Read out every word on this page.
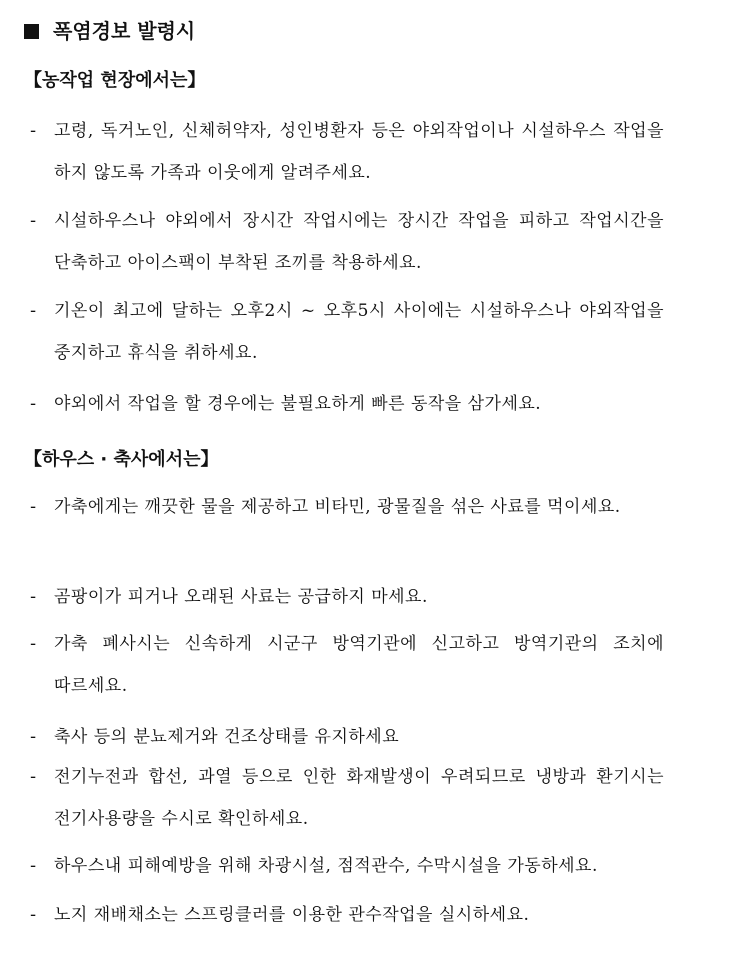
폭염경보 발령시
【농작업 현장에서는】
-	고령, 독거노인, 신체허약자, 성인병환자 등은 야외작업이나 시설하우스 작업을 하지 않도록 가족과 이웃에게 알려주세요.
-	시설하우스나 야외에서 장시간 작업시에는 장시간 작업을 피하고 작업시간을 단축하고 아이스팩이 부착된 조끼를 착용하세요.
-	기온이 최고에 달하는 오후2시 ~ 오후5시 사이에는 시설하우스나 야외작업을 중지하고 휴식을 취하세요.
-	야외에서 작업을 할 경우에는 불필요하게 빠른 동작을 삼가세요.
【하우스 · 축사에서는】
-	가축에게는 깨끗한 물을 제공하고 비타민, 광물질을 섞은 사료를 먹이세요.
-	곰팡이가 피거나 오래된 사료는 공급하지 마세요.
-	가축 폐사시는 신속하게 시군구 방역기관에 신고하고 방역기관의 조치에 따르세요.
-	축사 등의 분뇨제거와 건조상태를 유지하세요
-	전기누전과 합선, 과열 등으로 인한 화재발생이 우려되므로 냉방과 환기시는 전기사용량을 수시로 확인하세요.
-	하우스내 피해예방을 위해 차광시설, 점적관수, 수막시설을 가동하세요.
-	노지 재배채소는 스프링클러를 이용한 관수작업을 실시하세요.
